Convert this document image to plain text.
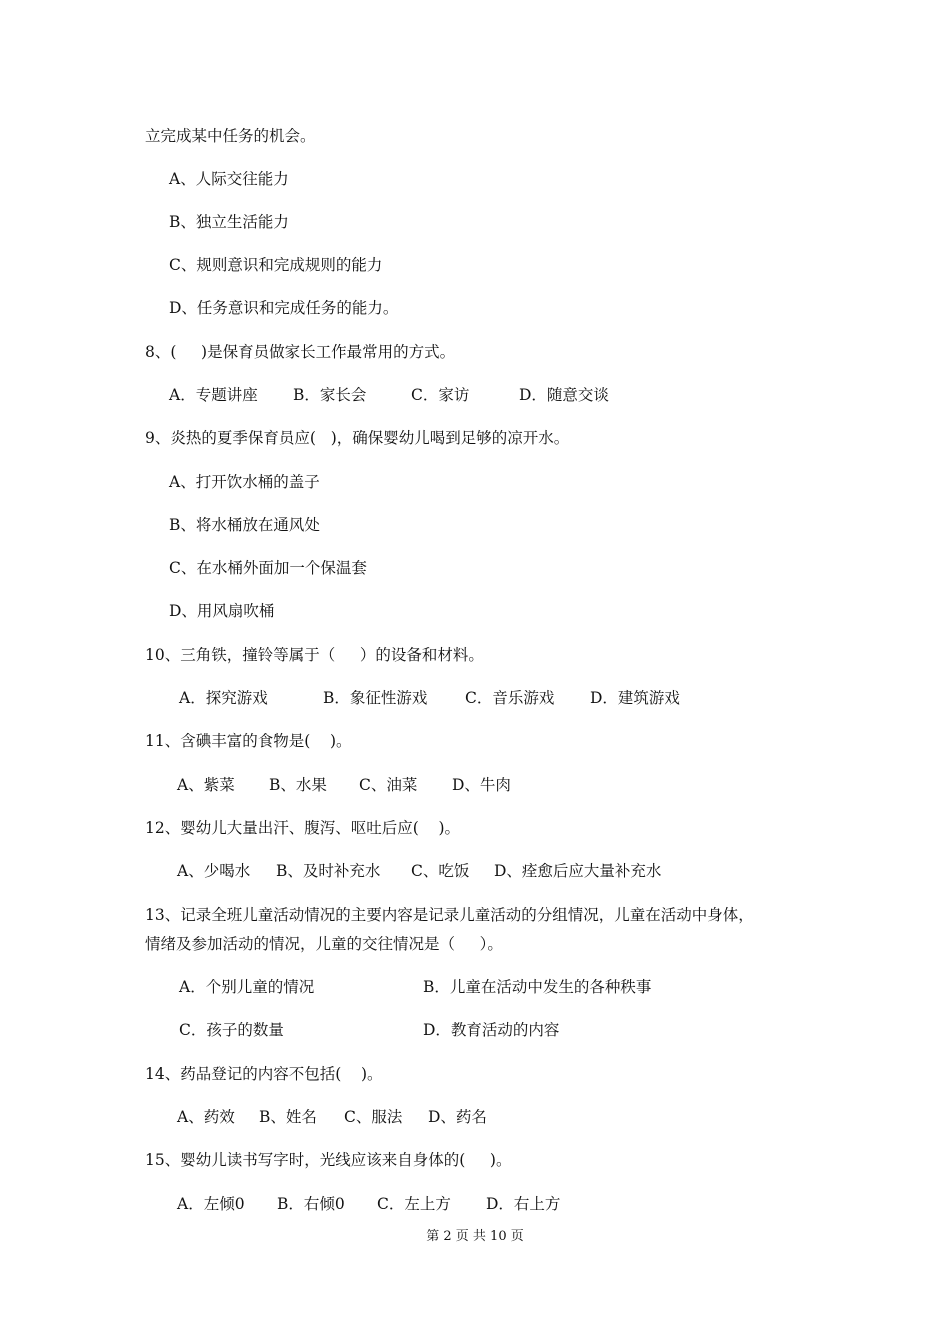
立完成某中任务的机会。

A、人际交往能力

B、独立生活能力

C、规则意识和完成规则的能力

D、任务意识和完成任务的能力。

8、(     )是保育员做家长工作最常用的方式。

A．专题讲座

B．家长会

	C．家访

	D．随意交谈

9、炎热的夏季保育员应(   )，确保婴幼儿喝到足够的凉开水。

A、打开饮水桶的盖子

B、将水桶放在通风处

C、在水桶外面加一个保温套

D、用风扇吹桶

10、三角铁，撞铃等属于（     ）的设备和材料。

A．探究游戏

	B．象征性游戏

C．音乐游戏

D．建筑游戏

11、含碘丰富的食物是(    )。

A、紫菜

B、水果

C、油菜

D、牛肉

12、婴幼儿大量出汗、腹泻、呕吐后应(    )。

A、少喝水

B、及时补充水

C、吃饭

D、痊愈后应大量补充水

13、记录全班儿童活动情况的主要内容是记录儿童活动的分组情况，儿童在活动中身体，

情绪及参加活动的情况，儿童的交往情况是（     ）。

A．个别儿童的情况

	B．儿童在活动中发生的各种秩事

C．孩子的数量

	D．教育活动的内容

14、药品登记的内容不包括(    )。

A、药效

B、姓名

C、服法

D、药名

15、婴幼儿读书写字时，光线应该来自身体的(     )。

A．左倾0

B．右倾0

C．左上方

D．右上方

第 2 页 共 10 页
